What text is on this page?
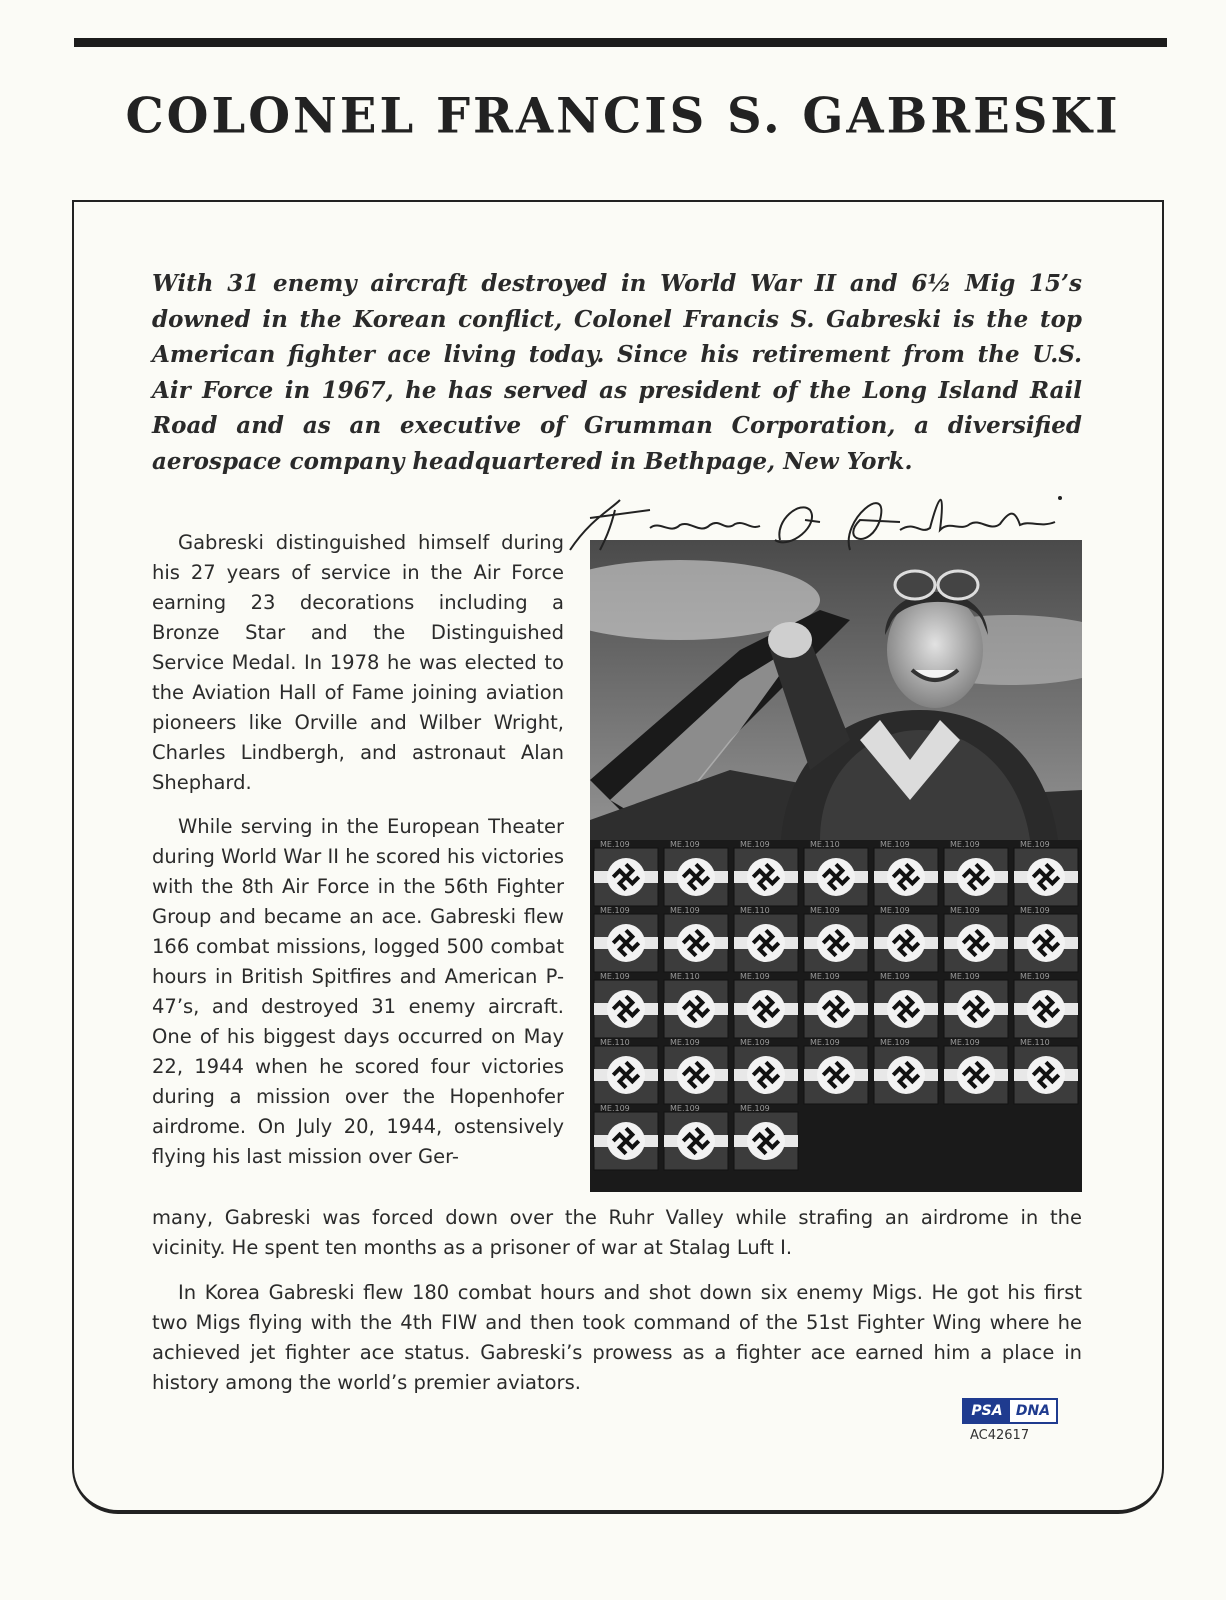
COLONEL FRANCIS S. GABRESKI

With 31 enemy aircraft destroyed in World War II and 6½ Mig 15’s downed in the Korean conflict, Colonel Francis S. Gabreski is the top American fighter ace living today. Since his retirement from the U.S. Air Force in 1967, he has served as president of the Long Island Rail Road and as an executive of Grumman Corporation, a diversified aerospace company headquartered in Bethpage, New York.

Gabreski distinguished himself during his 27 years of service in the Air Force earning 23 decorations including a Bronze Star and the Distinguished Service Medal. In 1978 he was elected to the Aviation Hall of Fame joining aviation pioneers like Orville and Wilber Wright, Charles Lindbergh, and astronaut Alan Shephard.

While serving in the European Theater during World War II he scored his victories with the 8th Air Force in the 56th Fighter Group and became an ace. Gabreski flew 166 combat missions, logged 500 combat hours in British Spitfires and American P-47’s, and destroyed 31 enemy aircraft. One of his biggest days occurred on May 22, 1944 when he scored four victories during a mission over the Hopenhofer airdrome. On July 20, 1944, ostensively flying his last mission over Ger-

many, Gabreski was forced down over the Ruhr Valley while strafing an airdrome in the vicinity. He spent ten months as a prisoner of war at Stalag Luft I.

In Korea Gabreski flew 180 combat hours and shot down six enemy Migs. He got his first two Migs flying with the 4th FIW and then took command of the 51st Fighter Wing where he achieved jet fighter ace status. Gabreski’s prowess as a fighter ace earned him a place in history among the world’s premier aviators.

ME.109	ME.109	ME.109	ME.110	ME.109	ME.109	ME.109
ME.109	ME.109	ME.110	ME.109	ME.109	ME.109	ME.109
ME.109	ME.110	ME.109	ME.109	ME.109	ME.109	ME.109
ME.110	ME.109	ME.109	ME.109	ME.109	ME.109	ME.110
ME.109	ME.109	ME.109
PSA DNA
AC42617
